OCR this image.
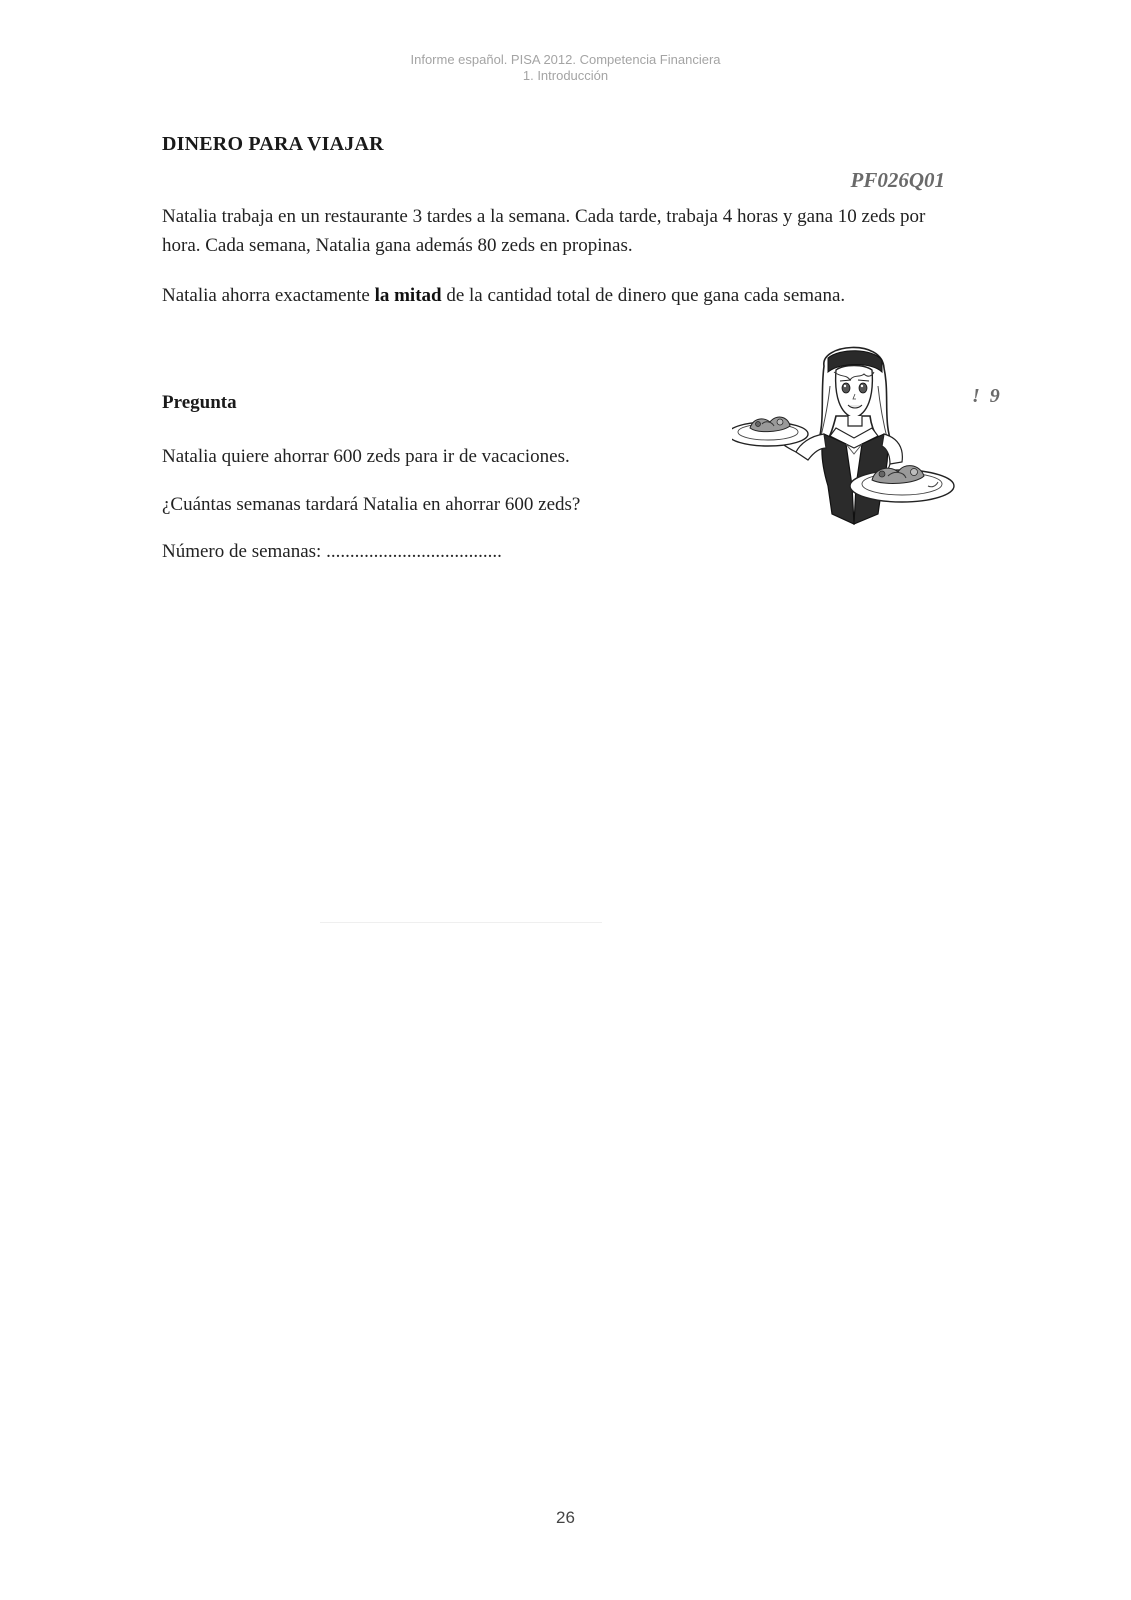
Informe español. PISA 2012. Competencia Financiera
1. Introducción
DINERO PARA VIAJAR
PF026Q01

Natalia trabaja en un restaurante 3 tardes a la semana. Cada tarde, trabaja 4 horas y gana 10 zeds por hora. Cada semana, Natalia gana además 80 zeds en propinas.

Natalia ahorra exactamente la mitad de la cantidad total de dinero que gana cada semana.

Pregunta

Natalia quiere ahorrar 600 zeds para ir de vacaciones.

¿Cuántas semanas tardará Natalia en ahorrar 600 zeds?

Número de semanas: .....................................

!  9
26
